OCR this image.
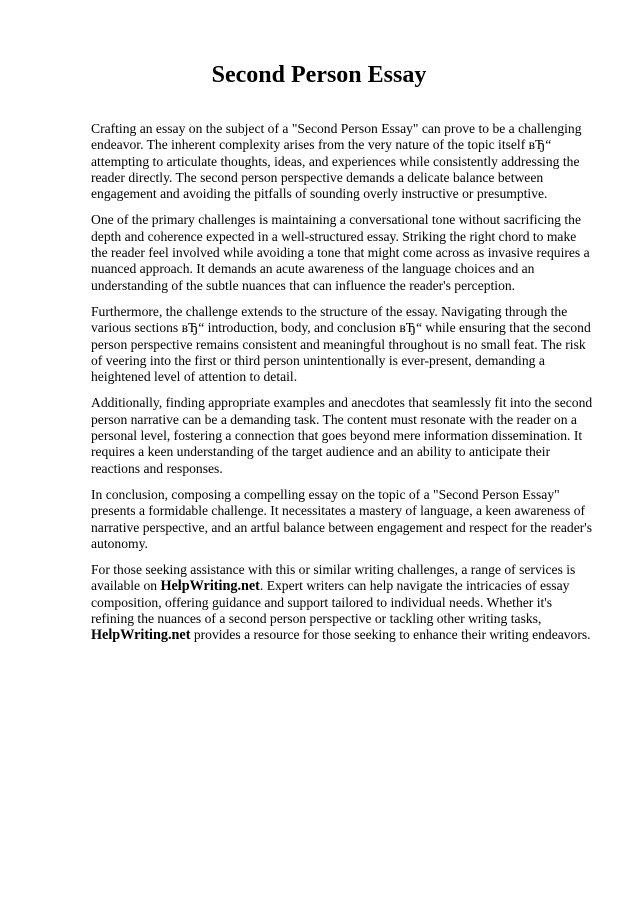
Second Person Essay

Crafting an essay on the subject of a "Second Person Essay" can prove to be a challenging endeavor. The inherent complexity arises from the very nature of the topic itself вЂ“ attempting to articulate thoughts, ideas, and experiences while consistently addressing the reader directly. The second person perspective demands a delicate balance between engagement and avoiding the pitfalls of sounding overly instructive or presumptive.

One of the primary challenges is maintaining a conversational tone without sacrificing the depth and coherence expected in a well-structured essay. Striking the right chord to make the reader feel involved while avoiding a tone that might come across as invasive requires a nuanced approach. It demands an acute awareness of the language choices and an understanding of the subtle nuances that can influence the reader's perception.

Furthermore, the challenge extends to the structure of the essay. Navigating through the various sections вЂ“ introduction, body, and conclusion вЂ“ while ensuring that the second person perspective remains consistent and meaningful throughout is no small feat. The risk of veering into the first or third person unintentionally is ever-present, demanding a heightened level of attention to detail.

Additionally, finding appropriate examples and anecdotes that seamlessly fit into the second person narrative can be a demanding task. The content must resonate with the reader on a personal level, fostering a connection that goes beyond mere information dissemination. It requires a keen understanding of the target audience and an ability to anticipate their reactions and responses.

In conclusion, composing a compelling essay on the topic of a "Second Person Essay" presents a formidable challenge. It necessitates a mastery of language, a keen awareness of narrative perspective, and an artful balance between engagement and respect for the reader's autonomy.

For those seeking assistance with this or similar writing challenges, a range of services is available on HelpWriting.net. Expert writers can help navigate the intricacies of essay composition, offering guidance and support tailored to individual needs. Whether it's refining the nuances of a second person perspective or tackling other writing tasks, HelpWriting.net provides a resource for those seeking to enhance their writing endeavors.
